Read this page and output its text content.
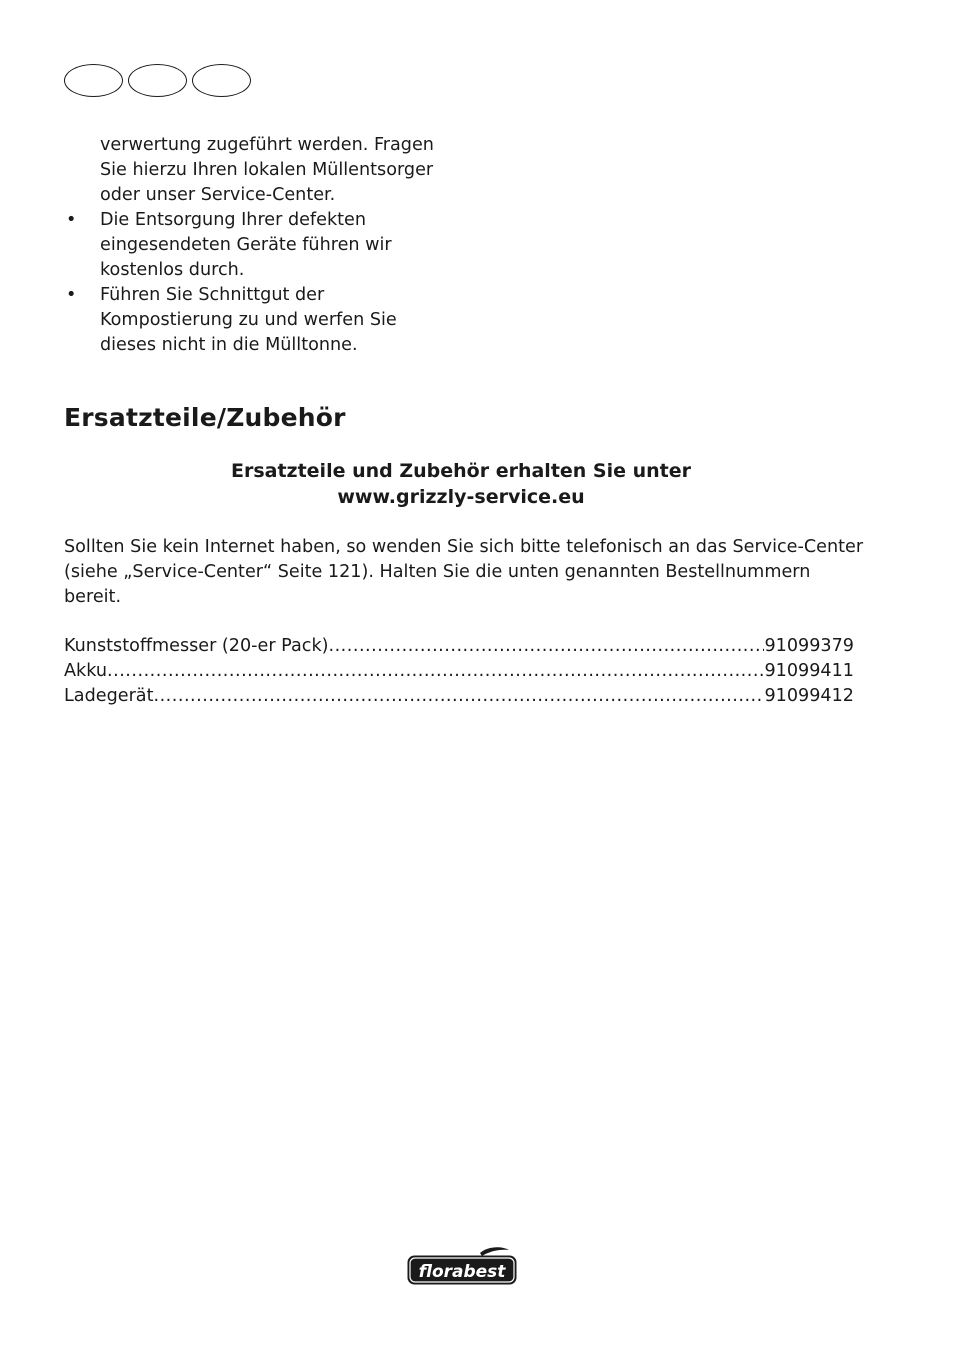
verwertung zugeführt werden. Fragen Sie hierzu Ihren lokalen Müllentsorger oder unser Service-Center.

• Die Entsorgung Ihrer defekten eingesendeten Geräte führen wir kostenlos durch.
• Führen Sie Schnittgut der Kompostierung zu und werfen Sie dieses nicht in die Mülltonne.
Ersatzteile/Zubehör
Ersatzteile und Zubehör erhalten Sie unter
www.grizzly-service.eu
Sollten Sie kein Internet haben, so wenden Sie sich bitte telefonisch an das Service-Center (siehe „Service-Center“ Seite 121). Halten Sie die unten genannten Bestellnummern bereit.
Kunststoffmesser (20-er Pack) .....	91099379
Akku .....	91099411
Ladegerät .....	91099412
florabest
